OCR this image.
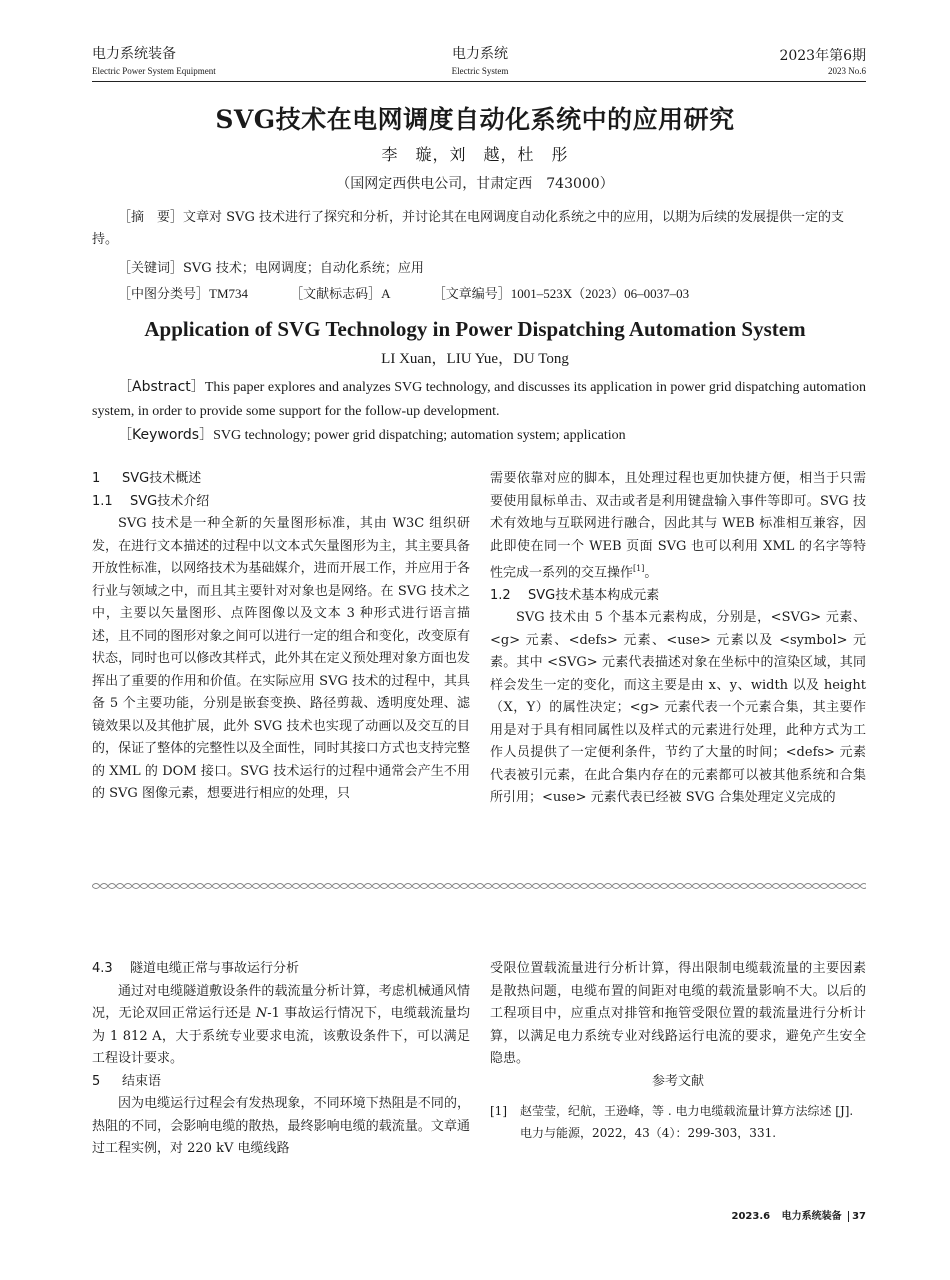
电力系统装备
Electric Power System Equipment
电力系统
Electric System
2023年第6期
2023 No.6
SVG技术在电网调度自动化系统中的应用研究
李　璇，刘　越，杜　彤
（国网定西供电公司，甘肃定西　743000）
［摘　要］文章对 SVG 技术进行了探究和分析，并讨论其在电网调度自动化系统之中的应用，以期为后续的发展提供一定的支持。
［关键词］SVG 技术；电网调度；自动化系统；应用
［中图分类号］TM734	［文献标志码］A	［文章编号］1001–523X（2023）06–0037–03
Application of SVG Technology in Power Dispatching Automation System
LI Xuan，LIU Yue，DU Tong
［Abstract］This paper explores and analyzes SVG technology, and discusses its application in power grid dispatching automation system, in order to provide some support for the follow-up development.
［Keywords］SVG technology; power grid dispatching; automation system; application
1 SVG技术概述
1.1 SVG技术介绍

SVG 技术是一种全新的矢量图形标准，其由 W3C 组织研发，在进行文本描述的过程中以文本式矢量图形为主，其主要具备开放性标准，以网络技术为基础媒介，进而开展工作，并应用于各行业与领域之中，而且其主要针对对象也是网络。在 SVG 技术之中，主要以矢量图形、点阵图像以及文本 3 种形式进行语言描述，且不同的图形对象之间可以进行一定的组合和变化，改变原有状态，同时也可以修改其样式，此外其在定义预处理对象方面也发挥出了重要的作用和价值。在实际应用 SVG 技术的过程中，其具备 5 个主要功能，分别是嵌套变换、路径剪裁、透明度处理、滤镜效果以及其他扩展，此外 SVG 技术也实现了动画以及交互的目的，保证了整体的完整性以及全面性，同时其接口方式也支持完整的 XML 的 DOM 接口。SVG 技术运行的过程中通常会产生不用的 SVG 图像元素，想要进行相应的处理，只

需要依靠对应的脚本，且处理过程也更加快捷方便，相当于只需要使用鼠标单击、双击或者是利用键盘输入事件等即可。SVG 技术有效地与互联网进行融合，因此其与 WEB 标准相互兼容，因此即使在同一个 WEB 页面 SVG 也可以利用 XML 的名字等特性完成一系列的交互操作[1]。

1.2 SVG技术基本构成元素

SVG 技术由 5 个基本元素构成，分别是，<SVG> 元素、<g> 元素、<defs> 元素、<use> 元素以及 <symbol> 元素。其中 <SVG> 元素代表描述对象在坐标中的渲染区域，其同样会发生一定的变化，而这主要是由 x、y、width 以及 height（X，Y）的属性决定；<g> 元素代表一个元素合集，其主要作用是对于具有相同属性以及样式的元素进行处理，此种方式为工作人员提供了一定便利条件，节约了大量的时间；<defs> 元素代表被引元素，在此合集内存在的元素都可以被其他系统和合集所引用；<use> 元素代表已经被 SVG 合集处理定义完成的

4.3 隧道电缆正常与事故运行分析

通过对电缆隧道敷设条件的载流量分析计算，考虑机械通风情况，无论双回正常运行还是 N-1 事故运行情况下，电缆载流量均为 1 812 A，大于系统专业要求电流，该敷设条件下，可以满足工程设计要求。

5 结束语

因为电缆运行过程会有发热现象，不同环境下热阻是不同的，热阻的不同，会影响电缆的散热，最终影响电缆的载流量。文章通过工程实例，对 220 kV 电缆线路

受限位置载流量进行分析计算，得出限制电缆载流量的主要因素是散热问题，电缆布置的间距对电缆的载流量影响不大。以后的工程项目中，应重点对排管和拖管受限位置的载流量进行分析计算，以满足电力系统专业对线路运行电流的要求，避免产生安全隐患。

参考文献
[1] 赵莹莹，纪航，王逊峰，等 . 电力电缆载流量计算方法综述 [J]. 电力与能源，2022，43（4）：299-303，331.
2023.6 电力系统装备 37
